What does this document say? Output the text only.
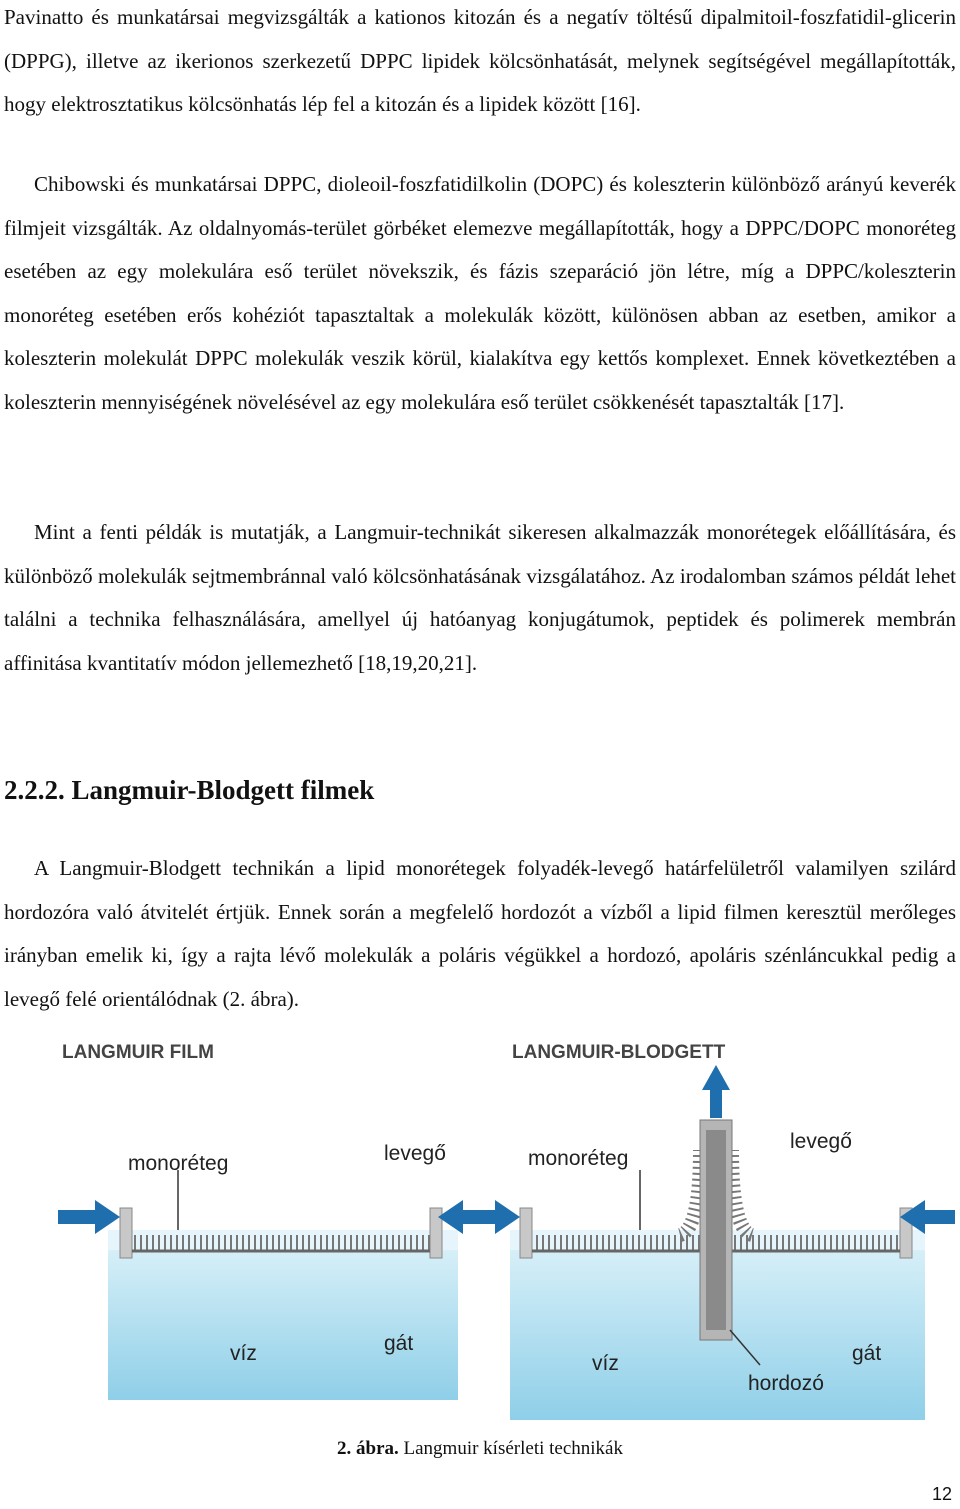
Pavinatto és munkatársai megvizsgálták a kationos kitozán és a negatív töltésű dipalmitoil-foszfatidil-glicerin (DPPG), illetve az ikerionos szerkezetű DPPC lipidek kölcsönhatását, melynek segítségével megállapították, hogy elektrosztatikus kölcsönhatás lép fel a kitozán és a lipidek között [16].

Chibowski és munkatársai DPPC, dioleoil-foszfatidilkolin (DOPC) és koleszterin különböző arányú keverék filmjeit vizsgálták. Az oldalnyomás-terület görbéket elemezve megállapították, hogy a DPPC/DOPC monoréteg esetében az egy molekulára eső terület növekszik, és fázis szeparáció jön létre, míg a DPPC/koleszterin monoréteg esetében erős kohéziót tapasztaltak a molekulák között, különösen abban az esetben, amikor a koleszterin molekulát DPPC molekulák veszik körül, kialakítva egy kettős komplexet. Ennek következtében a koleszterin mennyiségének növelésével az egy molekulára eső terület csökkenését tapasztalták [17].

Mint a fenti példák is mutatják, a Langmuir-technikát sikeresen alkalmazzák monorétegek előállítására, és különböző molekulák sejtmembránnal való kölcsönhatásának vizsgálatához. Az irodalomban számos példát lehet találni a technika felhasználására, amellyel új hatóanyag konjugátumok, peptidek és polimerek membrán affinitása kvantitatív módon jellemezhető [18,19,20,21].

2.2.2. Langmuir-Blodgett filmek

A Langmuir-Blodgett technikán a lipid monorétegek folyadék-levegő határfelületről valamilyen szilárd hordozóra való átvitelét értjük. Ennek során a megfelelő hordozót a vízből a lipid filmen keresztül merőleges irányban emelik ki, így a rajta lévő molekulák a poláris végükkel a hordozó, apoláris szénláncukkal pedig a levegő felé orientálódnak (2. ábra).

LANGMUIR FILM
monoréteg	levegő
víz	gát
LANGMUIR-BLODGETT
monoréteg
levegő
víz	gát
hordozó
2. ábra. Langmuir kísérleti technikák
12
